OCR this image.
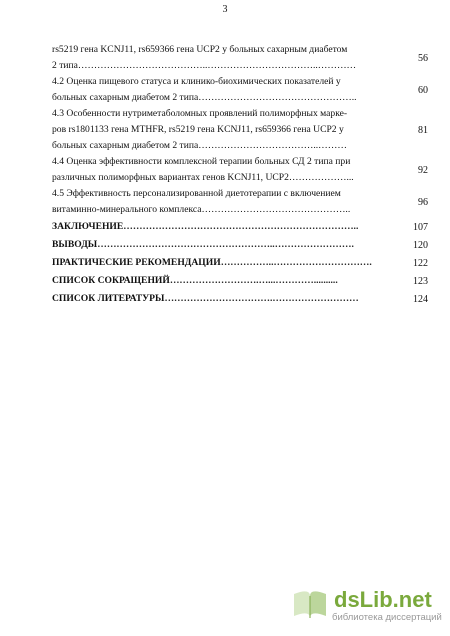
3
rs5219 гена KCNJ11, rs659366 гена UCP2 у больных сахарным диабетом
2 типа…………………………………..……………………………..…………
56
4.2 Оценка пищевого статуса и клинико-биохимических показателей у
больных сахарным диабетом 2 типа…………………………………………..
60
4.3 Особенности нутриметаболомных проявлений полиморфных марке-
ров rs1801133 гена MTHFR, rs5219 гена KCNJ11, rs659366 гена UCP2 у
больных сахарным диабетом 2 типа………………………………..………
81
4.4 Оценка эффективности комплексной терапии больных СД 2 типа при
различных полиморфных вариантах генов KCNJ11, UCP2………………...
92
4.5 Эффективность персонализированной диетотерапии с включением
витаминно-минерального комплекса………………………………………..
96
ЗАКЛЮЧЕНИЕ………………………………………………………………..	107
ВЫВОДЫ………………………………………………..…………………….	120
ПРАКТИЧЕСКИЕ РЕКОМЕНДАЦИИ……………..………………………….	122
СПИСОК СОКРАЩЕНИЙ……………………….…...…………..........	123
СПИСОК ЛИТЕРАТУРЫ…………………………….………………………	124
dsLib.net
библиотека диссертаций
